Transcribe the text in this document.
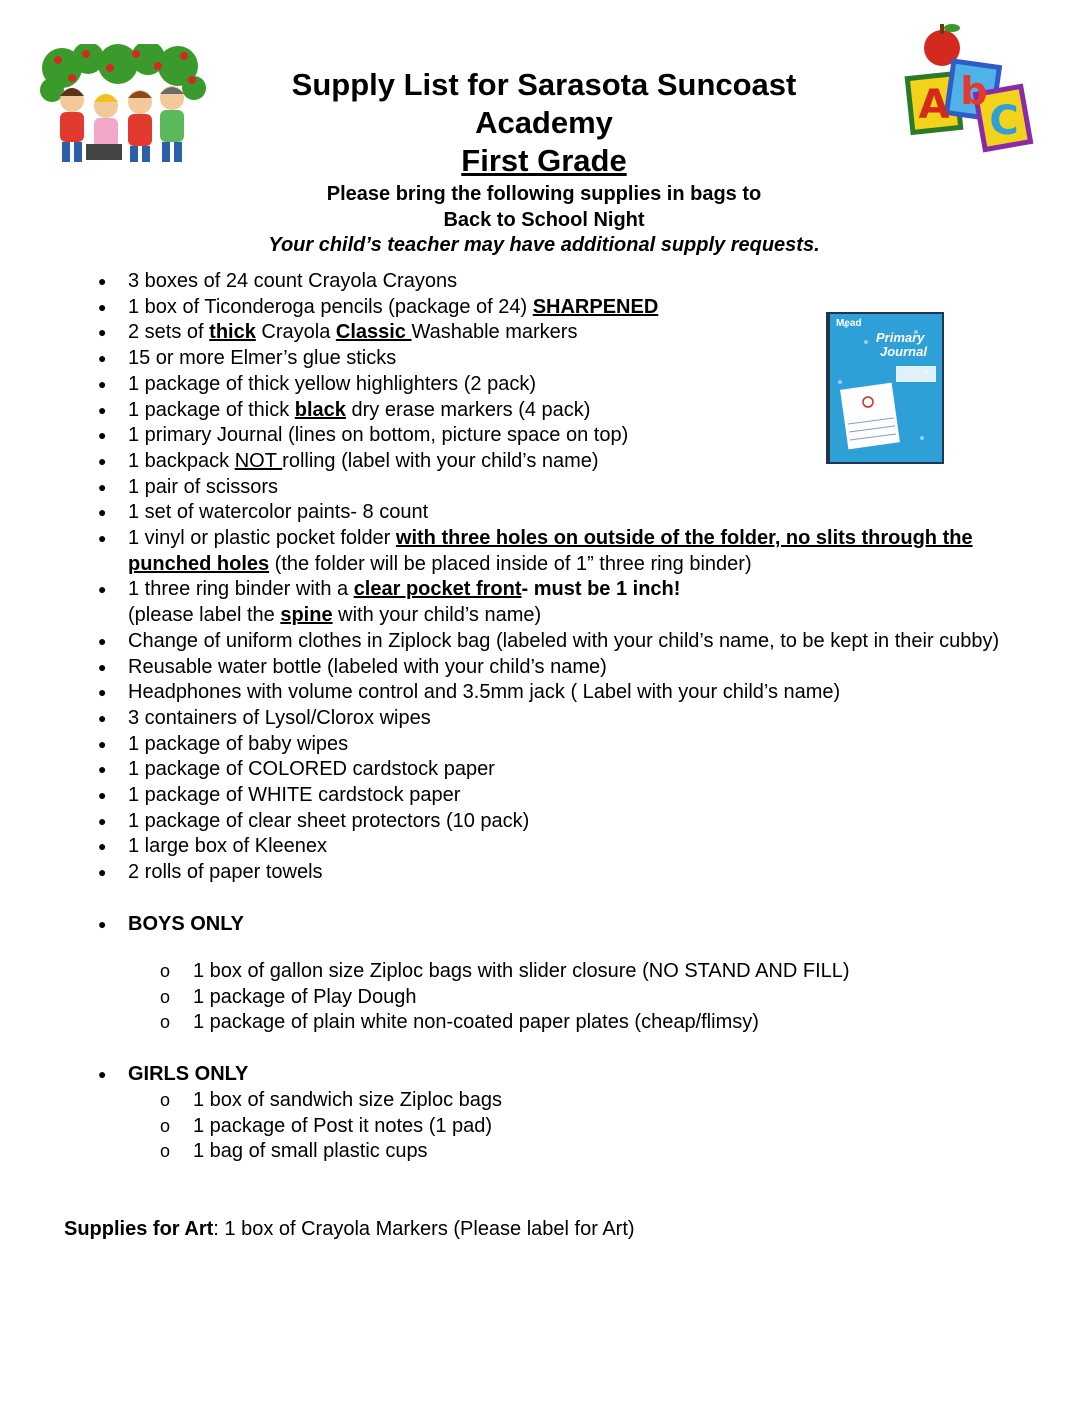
A b
C
Mead
Primary
Journal
Supply List for Sarasota Suncoast
Academy
First Grade
Please bring the following supplies in bags to
Back to School Night
Your child’s teacher may have additional supply requests.
● 3 boxes of 24 count Crayola Crayons
● 1 box of Ticonderoga pencils (package of 24) SHARPENED
● 2 sets of thick Crayola Classic Washable markers
● 15 or more Elmer’s glue sticks
● 1 package of thick yellow highlighters (2 pack)
● 1 package of thick black dry erase markers (4 pack)
● 1 primary Journal (lines on bottom, picture space on top)
● 1 backpack NOT rolling (label with your child’s name)
● 1 pair of scissors
● 1 set of watercolor paints- 8 count
● 1 vinyl or plastic pocket folder with three holes on outside of the folder, no slits through the punched holes (the folder will be placed inside of 1” three ring binder)
● 1 three ring binder with a clear pocket front- must be 1 inch!
(please label the spine with your child’s name)
● Change of uniform clothes in Ziplock bag (labeled with your child’s name, to be kept in their cubby)
● Reusable water bottle (labeled with your child’s name)
● Headphones with volume control and 3.5mm jack ( Label with your child’s name)
● 3 containers of Lysol/Clorox wipes
● 1 package of baby wipes
● 1 package of COLORED cardstock paper
● 1 package of WHITE cardstock paper
● 1 package of clear sheet protectors (10 pack)
● 1 large box of Kleenex
● 2 rolls of paper towels
● BOYS ONLY
o 1 box of gallon size Ziploc bags with slider closure (NO STAND AND FILL)
o 1 package of Play Dough
o 1 package of plain white non-coated paper plates (cheap/flimsy)
● GIRLS ONLY
o 1 box of sandwich size Ziploc bags
o 1 package of Post it notes (1 pad)
o 1 bag of small plastic cups
Supplies for Art: 1 box of Crayola Markers (Please label for Art)
